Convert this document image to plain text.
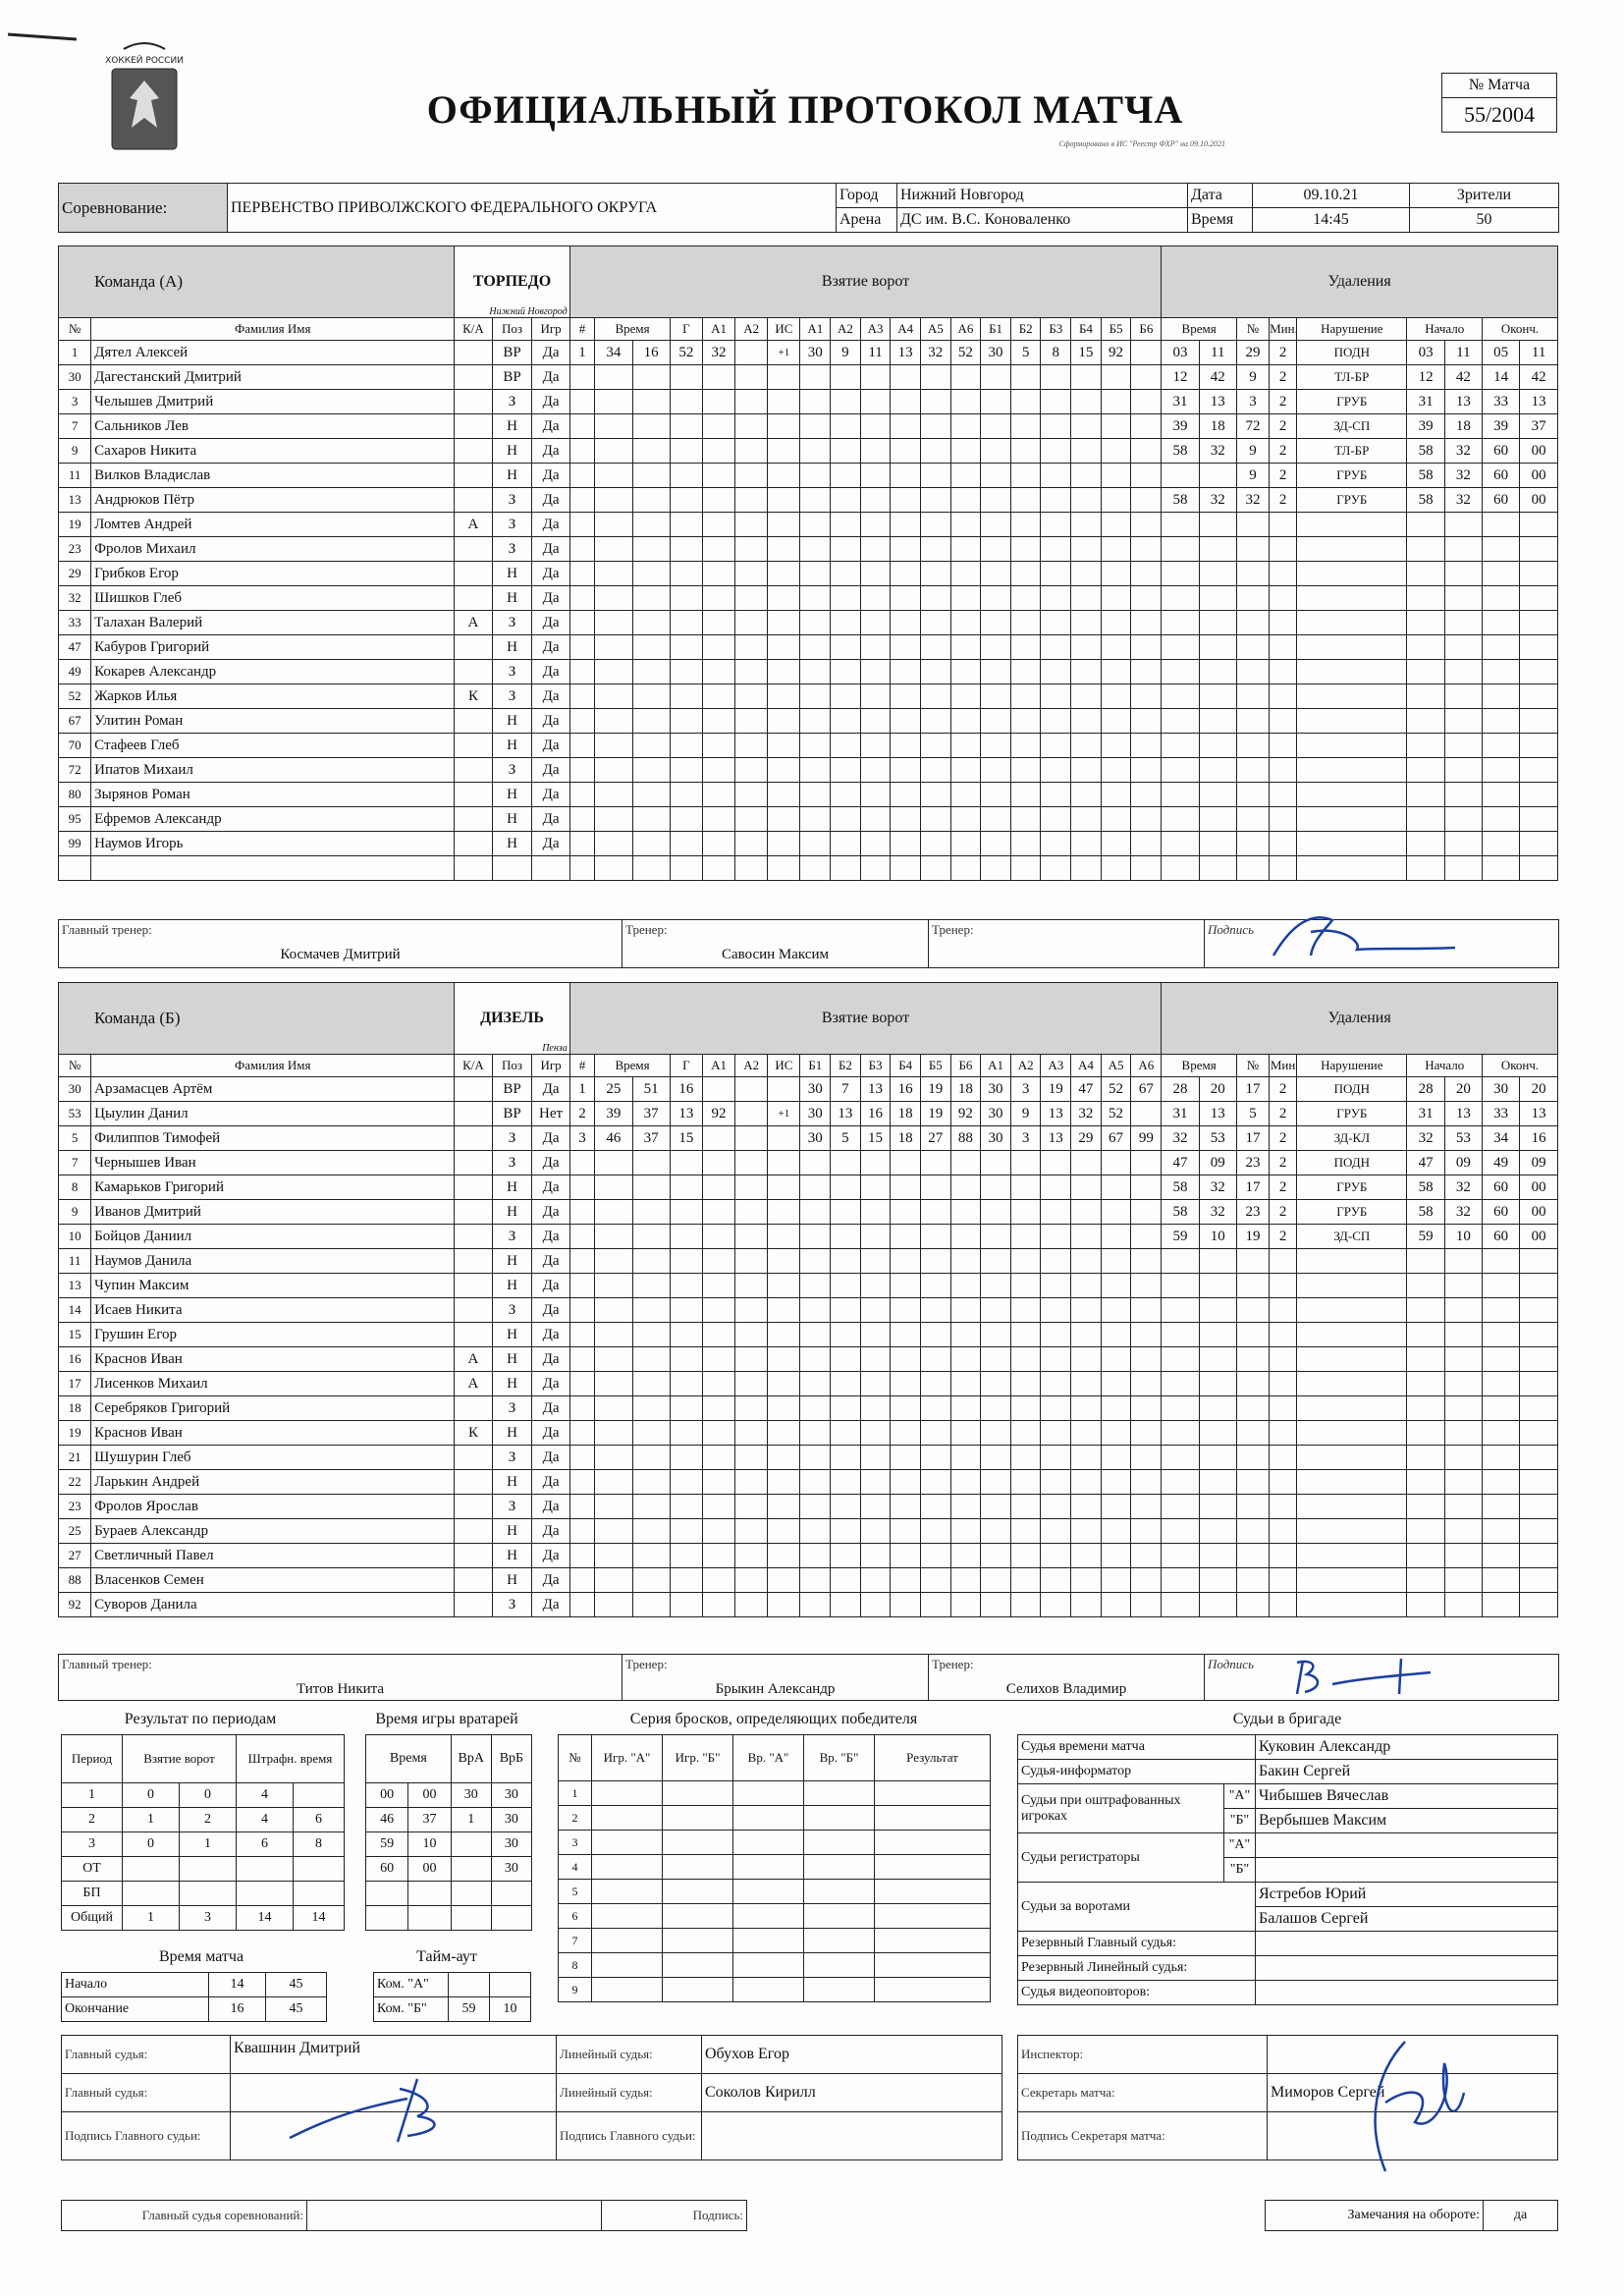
ХОККЕЙ РОССИИ
ОФИЦИАЛЬНЫЙ ПРОТОКОЛ МАТЧА
Сформировано в ИС "Реестр ФХР" на 09.10.2021
№ Матча
55/2004
Соревнование:	ПЕРВЕНСТВО ПРИВОЛЖСКОГО ФЕДЕРАЛЬНОГО ОКРУГА	Город	Нижний Новгород	Дата	09.10.21	Зрители
		Арена	ДС им. В.С. Коноваленко	Время	14:45	50
Команда (А)		ТОРПЕДО
Нижний Новгород			Взятие ворот																			Удаления								
№	Фамилия Имя	К/А	Поз	Игр	#	Время		Г	А1	А2	ИС	А1	А2	А3	А4	А5	А6	Б1	Б2	Б3	Б4	Б5	Б6	Время		№	Мин.	Нарушение	Начало		Оконч.	
1	Дятел Алексей		ВР	Да	1	34	16	52	32		+1	30	9	11	13	32	52	30	5	8	15	92		03	11	29	2	ПОДН	03	11	05	11
30	Дагестанский Дмитрий		ВР	Да																				12	42	9	2	ТЛ-БР	12	42	14	42
3	Челышев Дмитрий		З	Да																				31	13	3	2	ГРУБ	31	13	33	13
7	Сальников Лев		Н	Да																				39	18	72	2	ЗД-СП	39	18	39	37
9	Сахаров Никита		Н	Да																				58	32	9	2	ТЛ-БР	58	32	60	00
11	Вилков Владислав		Н	Да																						9	2	ГРУБ	58	32	60	00
13	Андрюков Пётр		З	Да																				58	32	32	2	ГРУБ	58	32	60	00
19	Ломтев Андрей	А	З	Да																												
23	Фролов Михаил		З	Да																												
29	Грибков Егор		Н	Да																												
32	Шишков Глеб		Н	Да																												
33	Талахан Валерий	А	З	Да																												
47	Кабуров Григорий		Н	Да																												
49	Кокарев Александр		З	Да																												
52	Жарков Илья	К	З	Да																												
67	Улитин Роман		Н	Да																												
70	Стафеев Глеб		Н	Да																												
72	Ипатов Михаил		З	Да																												
80	Зырянов Роман		Н	Да																												
95	Ефремов Александр		Н	Да																												
99	Наумов Игорь		Н	Да																												

Главный тренер:
Космачев Дмитрий

Тренер:
Савосин Максим

Тренер:	Подпись
Команда (Б)		ДИЗЕЛЬ
Пенза			Взятие ворот																			Удаления								
№	Фамилия Имя	К/А	Поз	Игр	#	Время		Г	А1	А2	ИС	Б1	Б2	Б3	Б4	Б5	Б6	А1	А2	А3	А4	А5	А6	Время		№	Мин	Нарушение	Начало		Оконч.	
30	Арзамасцев Артём		ВР	Да	1	25	51	16				30	7	13	16	19	18	30	3	19	47	52	67	28	20	17	2	ПОДН	28	20	30	20
53	Цыулин Данил		ВР	Нет	2	39	37	13	92		+1	30	13	16	18	19	92	30	9	13	32	52		31	13	5	2	ГРУБ	31	13	33	13
5	Филиппов Тимофей		З	Да	3	46	37	15				30	5	15	18	27	88	30	3	13	29	67	99	32	53	17	2	ЗД-КЛ	32	53	34	16
7	Чернышев Иван		З	Да																				47	09	23	2	ПОДН	47	09	49	09
8	Камарьков Григорий		Н	Да																				58	32	17	2	ГРУБ	58	32	60	00
9	Иванов Дмитрий		Н	Да																				58	32	23	2	ГРУБ	58	32	60	00
10	Бойцов Даниил		З	Да																				59	10	19	2	ЗД-СП	59	10	60	00
11	Наумов Данила		Н	Да																												
13	Чупин Максим		Н	Да																												
14	Исаев Никита		З	Да																												
15	Грушин Егор		Н	Да																												
16	Краснов Иван	А	Н	Да																												
17	Лисенков Михаил	А	Н	Да																												
18	Серебряков Григорий		З	Да																												
19	Краснов Иван	К	Н	Да																												
21	Шушурин Глеб		З	Да																												
22	Ларькин Андрей		Н	Да																												
23	Фролов Ярослав		З	Да																												
25	Бураев Александр		Н	Да																												
27	Светличный Павел		Н	Да																												
88	Власенков Семен		Н	Да																												
92	Суворов Данила		З	Да																												
Главный тренер:
Титов Никита

Тренер:
Брыкин Александр

Тренер:
Селихов Владимир

Подпись
Результат по периодам
Период	Взятие ворот		Штрафн. время	
1	0	0	4	
2	1	2	4	6
3	0	1	6	8
ОТ				
БП				
Общий	1	3	14	14
Время матча
Начало	14	45
Окончание	16	45
Время игры вратарей
Время		ВрА	ВрБ
00	00	30	30
46	37	1	30
59	10		30
60	00		30

Тайм-аут
Ком. "А"		
Ком. "Б"	59	10
Серия бросков, определяющих победителя
№	Игр. "А"	Игр. "Б"	Вр. "А"	Вр. "Б"	Результат
1					
2					
3					
4					
5					
6					
7					
8					
9					
Судьи в бригаде
Судья времени матча		Куковин Александр
Судья-информатор		Бакин Сергей
Судьи при оштрафованных игроках	"А"	Чибышев Вячеслав
	"Б"	Вербышев Максим
Судьи регистраторы	"А"	
	"Б"	
Судьи за воротами		Ястребов Юрий
		Балашов Сергей
Резервный Главный судья:		
Резервный Линейный судья:		
Судья видеоповторов:		
Главный судья:	Квашнин Дмитрий	Линейный судья:	Обухов Егор
Главный судья:		Линейный судья:	Соколов Кирилл
Подпись Главного судьи:		Подпись Главного судьи:	
Инспектор:	
Секретарь матча:	Миморов Сергей
Подпись Секретаря матча:	
Главный судья соревнований:		Подпись:	Замечания на обороте:	да
